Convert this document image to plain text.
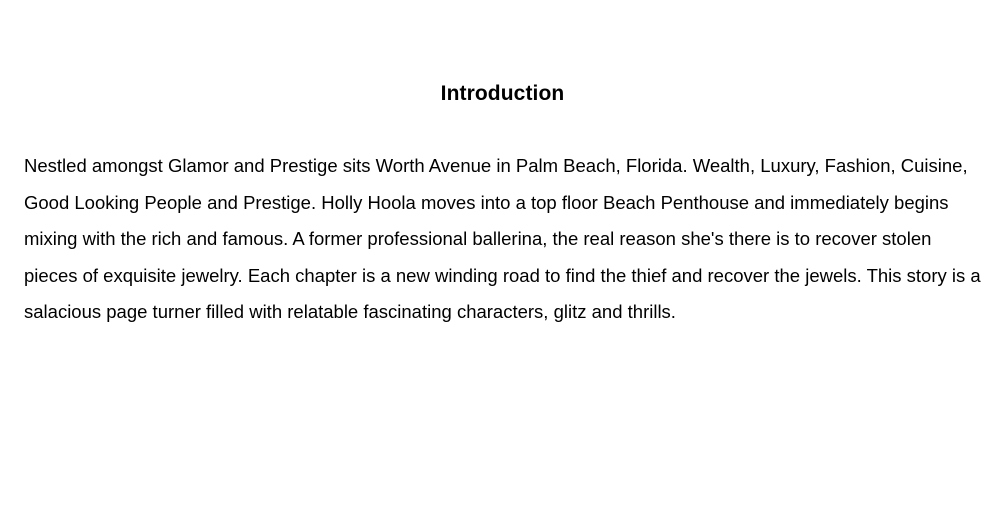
Introduction

Nestled amongst Glamor and Prestige sits Worth Avenue in Palm Beach, Florida. Wealth, Luxury, Fashion, Cuisine, Good Looking People and Prestige. Holly Hoola moves into a top floor Beach Penthouse and immediately begins mixing with the rich and famous. A former professional ballerina, the real reason she's there is to recover stolen pieces of exquisite jewelry. Each chapter is a new winding road to find the thief and recover the jewels. This story is a salacious page turner filled with relatable fascinating characters, glitz and thrills.
